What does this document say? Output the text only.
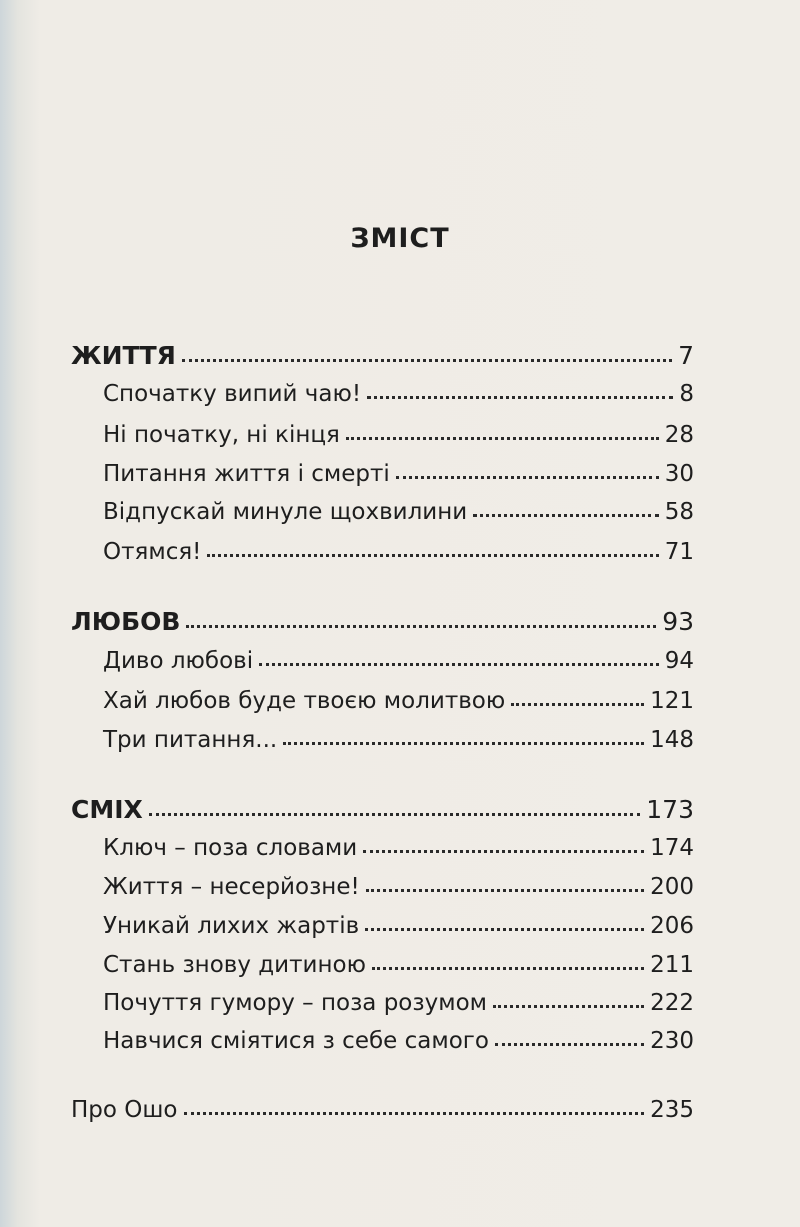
ЗМІСТ
ЖИТТЯ	7
Спочатку випий чаю!	8
Ні початку, ні кінця	28
Питання життя і смерті	30
Відпускай минуле щохвилини	58
Отямся!	71
ЛЮБОВ	93
Диво любові	94
Хай любов буде твоєю молитвою	121
Три питання...	148
СМІХ	173
Ключ – поза словами	174
Життя – несерйозне!	200
Уникай лихих жартів	206
Стань знову дитиною	211
Почуття гумору – поза розумом	222
Навчися сміятися з себе самого	230
Про Ошо	235
